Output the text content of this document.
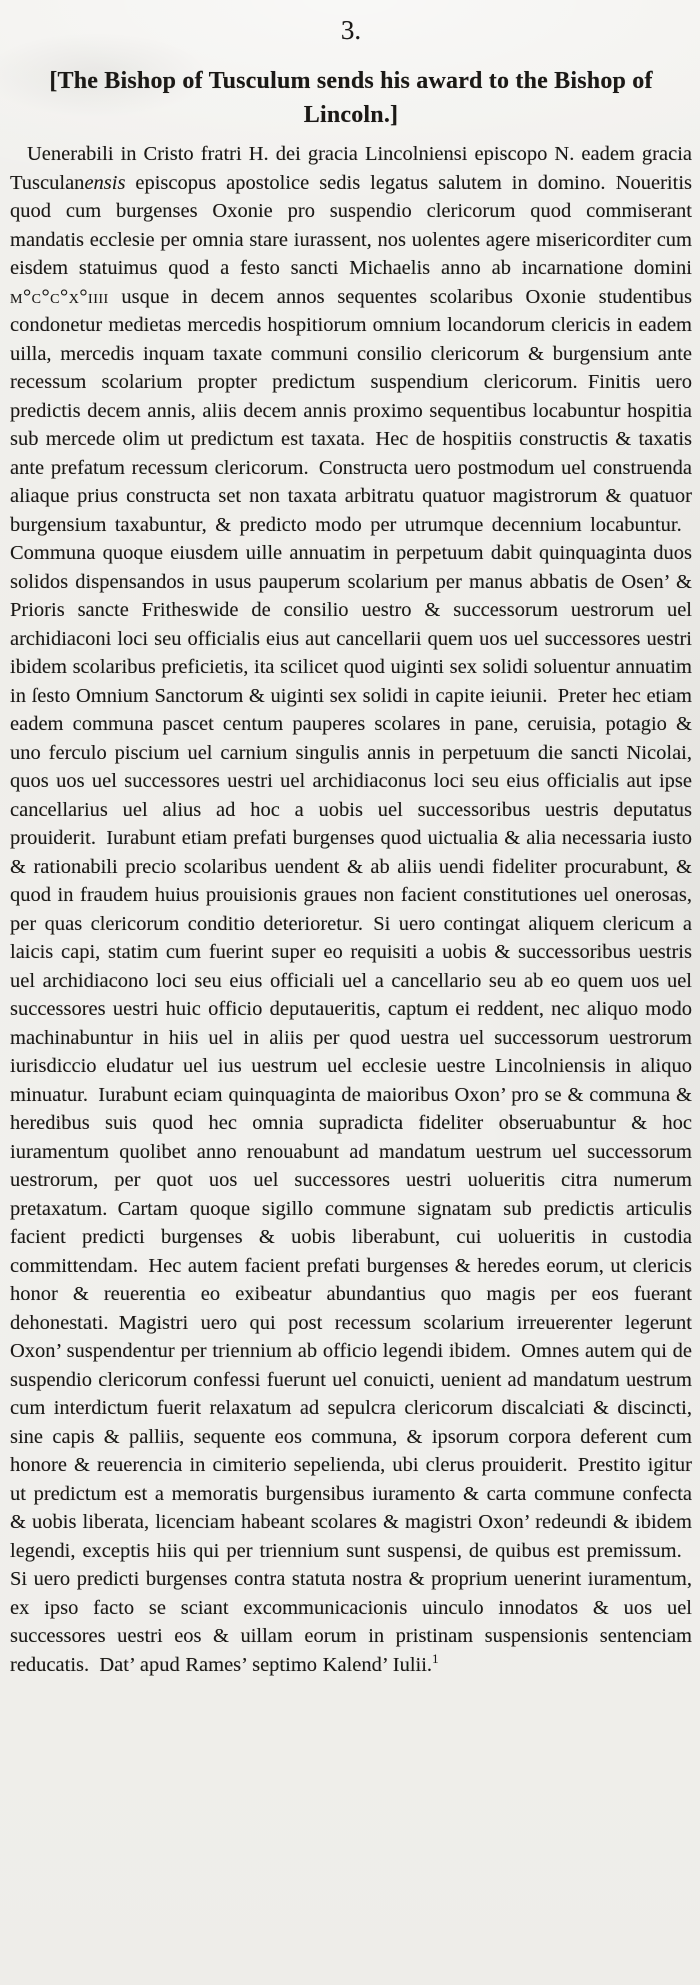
3.
[The Bishop of Tusculum sends his award to the Bishop of
Lincoln.]

Uenerabili in Cristo fratri H. dei gracia Lincolniensi episcopo N. eadem gracia Tusculanensis episcopus apostolice sedis legatus salutem in domino. Noueritis quod cum burgenses Oxonie pro suspendio clericorum quod commiserant mandatis ecclesie per omnia stare iurassent, nos uolentes agere misericorditer cum eisdem statuimus quod a festo sancti Michaelis anno ab incarnatione domini m°c°c°x°iiii usque in decem annos sequentes scolaribus Oxonie studentibus condonetur medietas mercedis hospitiorum omnium locandorum clericis in eadem uilla, mercedis inquam taxate communi consilio clericorum & burgensium ante recessum scolarium propter predictum suspendium clericorum. Finitis uero predictis decem annis, aliis decem annis proximo sequentibus locabuntur hospitia sub mercede olim ut predictum est taxata. Hec de hospitiis constructis & taxatis ante prefatum recessum clericorum. Constructa uero postmodum uel construenda aliaque prius constructa set non taxata arbitratu quatuor magistrorum & quatuor burgensium taxabuntur, & predicto modo per utrumque decennium locabuntur. Communa quoque eiusdem uille annuatim in perpetuum dabit quinquaginta duos solidos dispensandos in usus pauperum scolarium per manus abbatis de Osen’ & Prioris sancte Fritheswide de consilio uestro & successorum uestrorum uel archidiaconi loci seu officialis eius aut cancellarii quem uos uel successores uestri ibidem scolaribus preficietis, ita scilicet quod uiginti sex solidi soluentur annuatim in ſesto Omnium Sanctorum & uiginti sex solidi in capite ieiunii. Preter hec etiam eadem communa pascet centum pauperes scolares in pane, ceruisia, potagio & uno ferculo piscium uel carnium singulis annis in perpetuum die sancti Nicolai, quos uos uel successores uestri uel archidiaconus loci seu eius officialis aut ipse cancellarius uel alius ad hoc a uobis uel successoribus uestris deputatus prouiderit. Iurabunt etiam prefati burgenses quod uictualia & alia necessaria iusto & rationabili precio scolaribus uendent & ab aliis uendi fideliter procurabunt, & quod in fraudem huius prouisionis graues non facient constitutiones uel onerosas, per quas clericorum conditio deterioretur. Si uero contingat aliquem clericum a laicis capi, statim cum fuerint super eo requisiti a uobis & successoribus uestris uel archidiacono loci seu eius officiali uel a cancellario seu ab eo quem uos uel successores uestri huic officio deputaueritis, captum ei reddent, nec aliquo modo machinabuntur in hiis uel in aliis per quod uestra uel successorum uestrorum iurisdiccio eludatur uel ius uestrum uel ecclesie uestre Lincolniensis in aliquo minuatur. Iurabunt eciam quinquaginta de maioribus Oxon’ pro se & communa & heredibus suis quod hec omnia supradicta fideliter obseruabuntur & hoc iuramentum quolibet anno renouabunt ad mandatum uestrum uel successorum uestrorum, per quot uos uel successores uestri uolueritis citra numerum pretaxatum. Cartam quoque sigillo commune signatam sub predictis articulis facient predicti burgenses & uobis liberabunt, cui uolueritis in custodia committendam. Hec autem facient prefati burgenses & heredes eorum, ut clericis honor & reuerentia eo exibeatur abundantius quo magis per eos fuerant dehonestati. Magistri uero qui post recessum scolarium irreuerenter legerunt Oxon’ suspendentur per triennium ab officio legendi ibidem. Omnes autem qui de suspendio clericorum confessi fuerunt uel conuicti, uenient ad mandatum uestrum cum interdictum fuerit relaxatum ad sepulcra clericorum discalciati & discincti, sine capis & palliis, sequente eos communa, & ipsorum corpora deferent cum honore & reuerencia in cimiterio sepelienda, ubi clerus prouiderit. Prestito igitur ut predictum est a memoratis burgensibus iuramento & carta commune confecta & uobis liberata, licenciam habeant scolares & magistri Oxon’ redeundi & ibidem legendi, exceptis hiis qui per triennium sunt suspensi, de quibus est premissum. Si uero predicti burgenses contra statuta nostra & proprium uenerint iuramentum, ex ipso facto se sciant excommunicacionis uinculo innodatos & uos uel successores uestri eos & uillam eorum in pristinam suspensionis sentenciam reducatis. Dat’ apud Rames’ septimo Kalend’ Iulii.$^1$
